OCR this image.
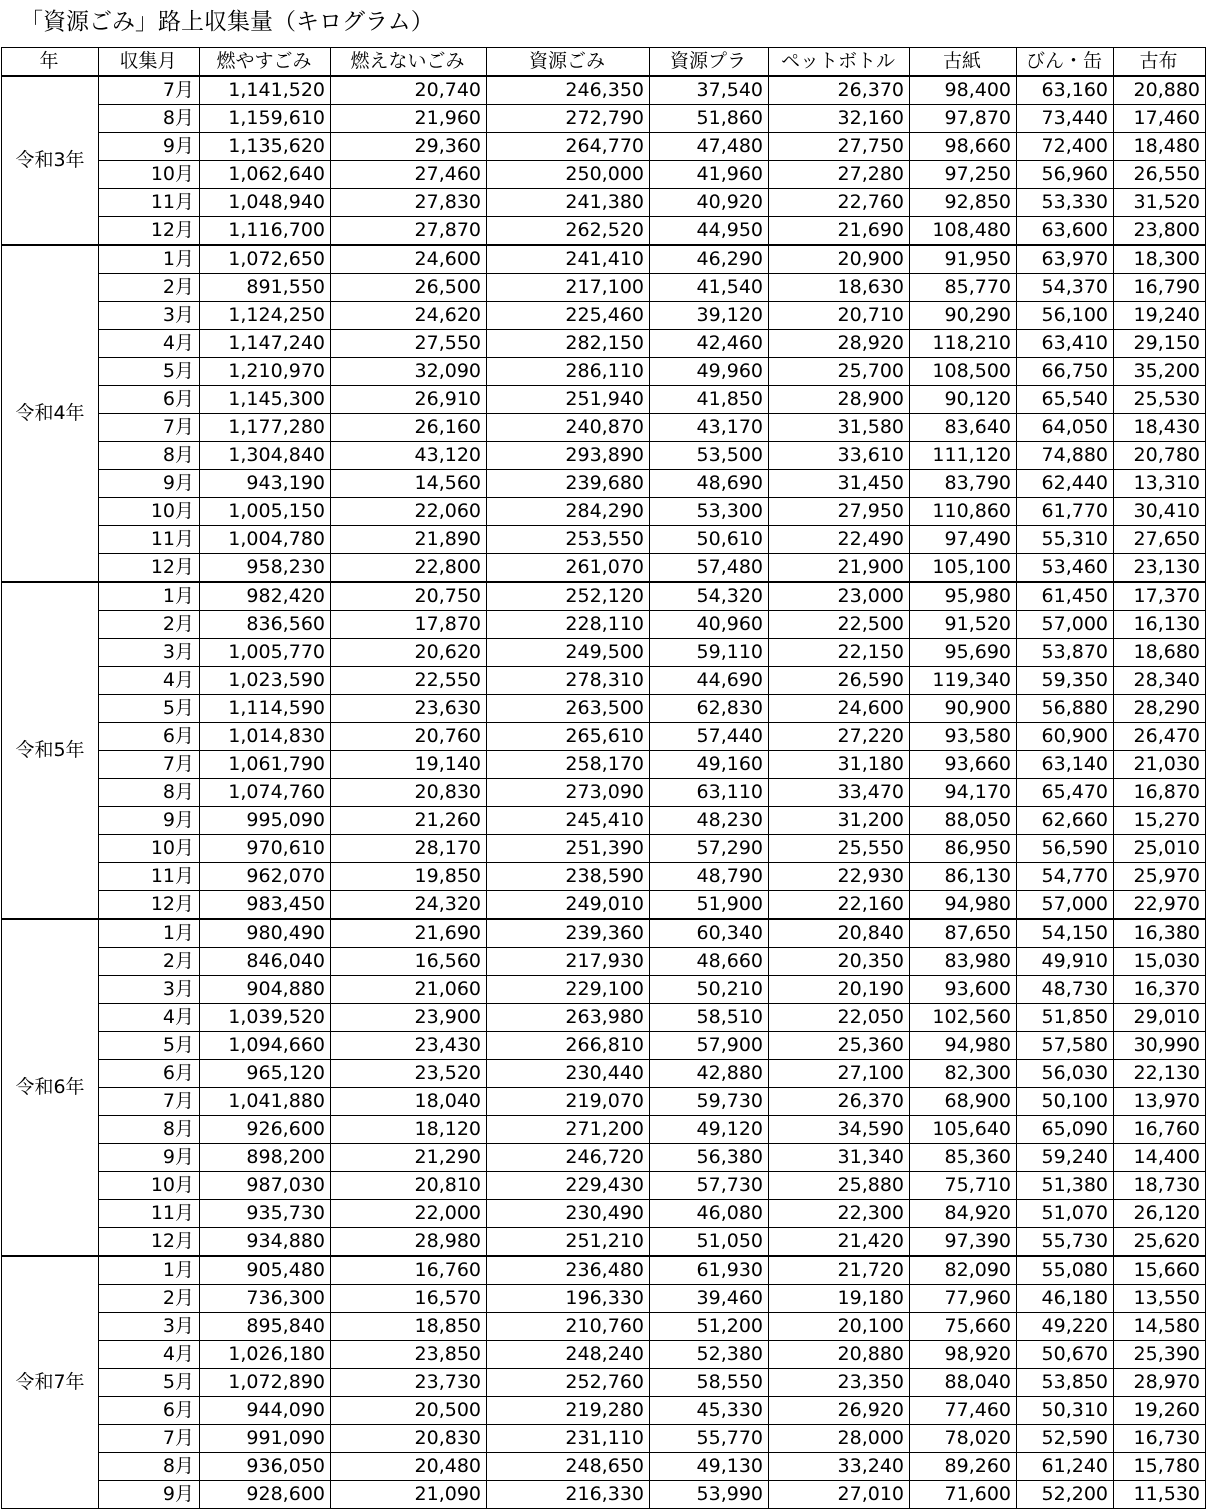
「資源ごみ」路上収集量（キログラム）
年	収集月	燃やすごみ	燃えないごみ	資源ごみ	資源プラ	ペットボトル	古紙	びん・缶	古布
令和3年	7月	1,141,520	20,740	246,350	37,540	26,370	98,400	63,160	20,880
	8月	1,159,610	21,960	272,790	51,860	32,160	97,870	73,440	17,460
	9月	1,135,620	29,360	264,770	47,480	27,750	98,660	72,400	18,480
	10月	1,062,640	27,460	250,000	41,960	27,280	97,250	56,960	26,550
	11月	1,048,940	27,830	241,380	40,920	22,760	92,850	53,330	31,520
	12月	1,116,700	27,870	262,520	44,950	21,690	108,480	63,600	23,800
令和4年	1月	1,072,650	24,600	241,410	46,290	20,900	91,950	63,970	18,300
	2月	891,550	26,500	217,100	41,540	18,630	85,770	54,370	16,790
	3月	1,124,250	24,620	225,460	39,120	20,710	90,290	56,100	19,240
	4月	1,147,240	27,550	282,150	42,460	28,920	118,210	63,410	29,150
	5月	1,210,970	32,090	286,110	49,960	25,700	108,500	66,750	35,200
	6月	1,145,300	26,910	251,940	41,850	28,900	90,120	65,540	25,530
	7月	1,177,280	26,160	240,870	43,170	31,580	83,640	64,050	18,430
	8月	1,304,840	43,120	293,890	53,500	33,610	111,120	74,880	20,780
	9月	943,190	14,560	239,680	48,690	31,450	83,790	62,440	13,310
	10月	1,005,150	22,060	284,290	53,300	27,950	110,860	61,770	30,410
	11月	1,004,780	21,890	253,550	50,610	22,490	97,490	55,310	27,650
	12月	958,230	22,800	261,070	57,480	21,900	105,100	53,460	23,130
令和5年	1月	982,420	20,750	252,120	54,320	23,000	95,980	61,450	17,370
	2月	836,560	17,870	228,110	40,960	22,500	91,520	57,000	16,130
	3月	1,005,770	20,620	249,500	59,110	22,150	95,690	53,870	18,680
	4月	1,023,590	22,550	278,310	44,690	26,590	119,340	59,350	28,340
	5月	1,114,590	23,630	263,500	62,830	24,600	90,900	56,880	28,290
	6月	1,014,830	20,760	265,610	57,440	27,220	93,580	60,900	26,470
	7月	1,061,790	19,140	258,170	49,160	31,180	93,660	63,140	21,030
	8月	1,074,760	20,830	273,090	63,110	33,470	94,170	65,470	16,870
	9月	995,090	21,260	245,410	48,230	31,200	88,050	62,660	15,270
	10月	970,610	28,170	251,390	57,290	25,550	86,950	56,590	25,010
	11月	962,070	19,850	238,590	48,790	22,930	86,130	54,770	25,970
	12月	983,450	24,320	249,010	51,900	22,160	94,980	57,000	22,970
令和6年	1月	980,490	21,690	239,360	60,340	20,840	87,650	54,150	16,380
	2月	846,040	16,560	217,930	48,660	20,350	83,980	49,910	15,030
	3月	904,880	21,060	229,100	50,210	20,190	93,600	48,730	16,370
	4月	1,039,520	23,900	263,980	58,510	22,050	102,560	51,850	29,010
	5月	1,094,660	23,430	266,810	57,900	25,360	94,980	57,580	30,990
	6月	965,120	23,520	230,440	42,880	27,100	82,300	56,030	22,130
	7月	1,041,880	18,040	219,070	59,730	26,370	68,900	50,100	13,970
	8月	926,600	18,120	271,200	49,120	34,590	105,640	65,090	16,760
	9月	898,200	21,290	246,720	56,380	31,340	85,360	59,240	14,400
	10月	987,030	20,810	229,430	57,730	25,880	75,710	51,380	18,730
	11月	935,730	22,000	230,490	46,080	22,300	84,920	51,070	26,120
	12月	934,880	28,980	251,210	51,050	21,420	97,390	55,730	25,620
令和7年	1月	905,480	16,760	236,480	61,930	21,720	82,090	55,080	15,660
	2月	736,300	16,570	196,330	39,460	19,180	77,960	46,180	13,550
	3月	895,840	18,850	210,760	51,200	20,100	75,660	49,220	14,580
	4月	1,026,180	23,850	248,240	52,380	20,880	98,920	50,670	25,390
	5月	1,072,890	23,730	252,760	58,550	23,350	88,040	53,850	28,970
	6月	944,090	20,500	219,280	45,330	26,920	77,460	50,310	19,260
	7月	991,090	20,830	231,110	55,770	28,000	78,020	52,590	16,730
	8月	936,050	20,480	248,650	49,130	33,240	89,260	61,240	15,780
	9月	928,600	21,090	216,330	53,990	27,010	71,600	52,200	11,530
